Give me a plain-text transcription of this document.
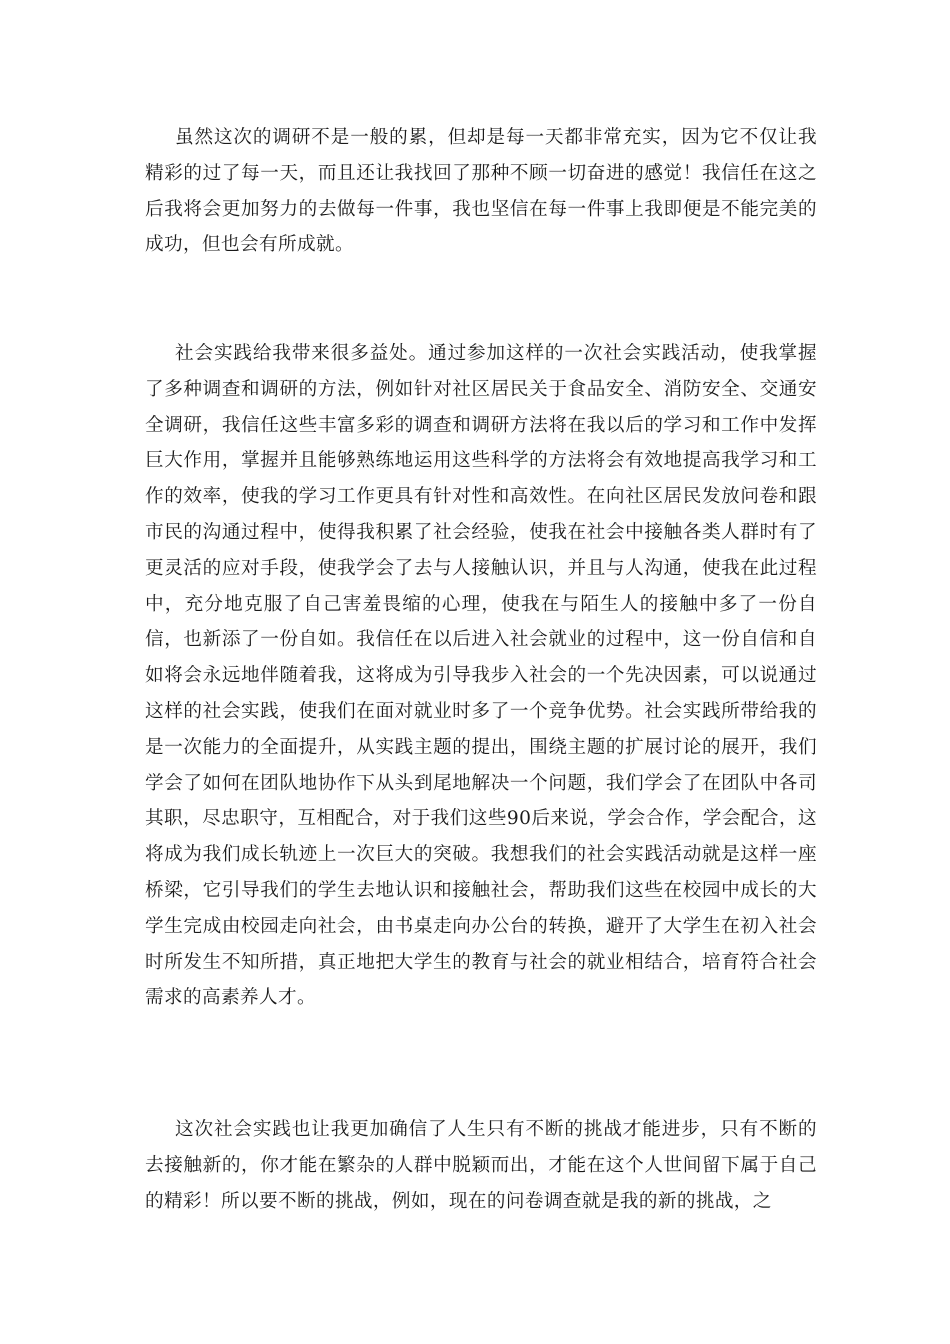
虽然这次的调研不是一般的累，但却是每一天都非常充实，因为它不仅让我精彩的过了每一天，而且还让我找回了那种不顾一切奋进的感觉！我信任在这之后我将会更加努力的去做每一件事，我也坚信在每一件事上我即便是不能完美的成功，但也会有所成就。

社会实践给我带来很多益处。通过参加这样的一次社会实践活动，使我掌握了多种调查和调研的方法，例如针对社区居民关于食品安全、消防安全、交通安全调研，我信任这些丰富多彩的调查和调研方法将在我以后的学习和工作中发挥巨大作用，掌握并且能够熟练地运用这些科学的方法将会有效地提高我学习和工作的效率，使我的学习工作更具有针对性和高效性。在向社区居民发放问卷和跟市民的沟通过程中，使得我积累了社会经验，使我在社会中接触各类人群时有了更灵活的应对手段，使我学会了去与人接触认识，并且与人沟通，使我在此过程中，充分地克服了自己害羞畏缩的心理，使我在与陌生人的接触中多了一份自信，也新添了一份自如。我信任在以后进入社会就业的过程中，这一份自信和自如将会永远地伴随着我，这将成为引导我步入社会的一个先决因素，可以说通过这样的社会实践，使我们在面对就业时多了一个竞争优势。社会实践所带给我的是一次能力的全面提升，从实践主题的提出，围绕主题的扩展讨论的展开，我们学会了如何在团队地协作下从头到尾地解决一个问题，我们学会了在团队中各司其职，尽忠职守，互相配合，对于我们这些90后来说，学会合作，学会配合，这将成为我们成长轨迹上一次巨大的突破。我想我们的社会实践活动就是这样一座桥梁，它引导我们的学生去地认识和接触社会，帮助我们这些在校园中成长的大学生完成由校园走向社会，由书桌走向办公台的转换，避开了大学生在初入社会时所发生不知所措，真正地把大学生的教育与社会的就业相结合，培育符合社会需求的高素养人才。

这次社会实践也让我更加确信了人生只有不断的挑战才能进步，只有不断的去接触新的，你才能在繁杂的人群中脱颖而出，才能在这个人世间留下属于自己的精彩！所以要不断的挑战，例如，现在的问卷调查就是我的新的挑战，之
